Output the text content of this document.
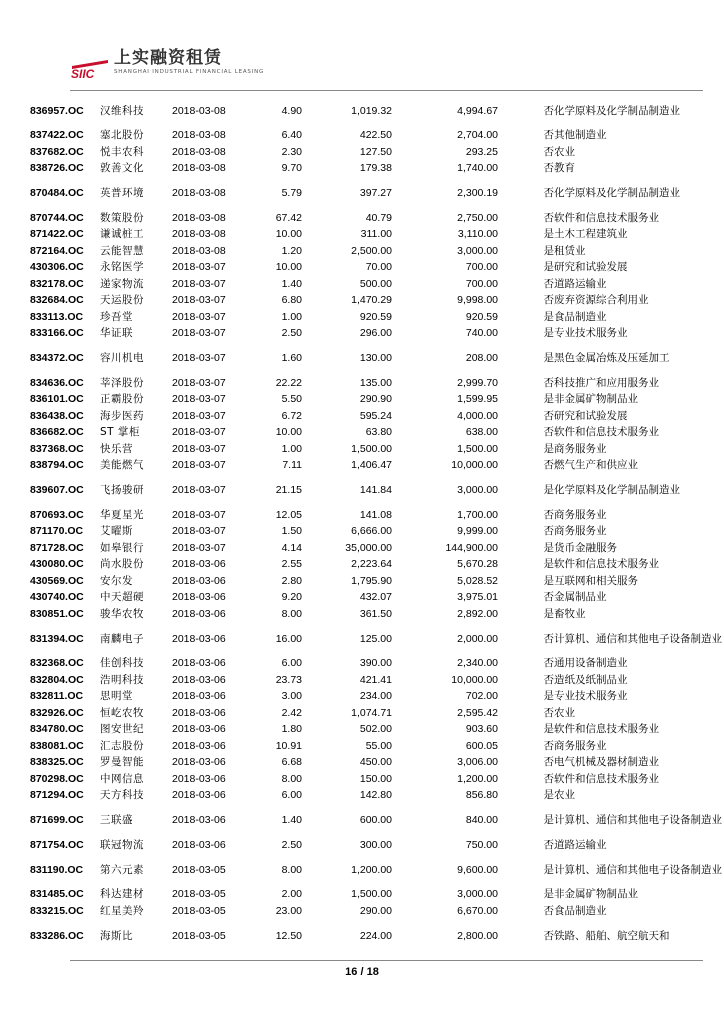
SIIC
上实融资租赁
SHANGHAI INDUSTRIAL FINANCIAL LEASING
836957.OC	汉维科技	2018-03-08	4.90	1,019.32	4,994.67	否	化学原料及化学制品制造业
837422.OC	塞北股份	2018-03-08	6.40	422.50	2,704.00	否	其他制造业
837682.OC	悦丰农科	2018-03-08	2.30	127.50	293.25	否	农业
838726.OC	敦善文化	2018-03-08	9.70	179.38	1,740.00	否	教育
870484.OC	英普环境	2018-03-08	5.79	397.27	2,300.19	否	化学原料及化学制品制造业
870744.OC	数策股份	2018-03-08	67.42	40.79	2,750.00	否	软件和信息技术服务业
871422.OC	谦诚桩工	2018-03-08	10.00	311.00	3,110.00	是	土木工程建筑业
872164.OC	云能智慧	2018-03-08	1.20	2,500.00	3,000.00	是	租赁业
430306.OC	永铭医学	2018-03-07	10.00	70.00	700.00	是	研究和试验发展
832178.OC	递家物流	2018-03-07	1.40	500.00	700.00	否	道路运输业
832684.OC	天运股份	2018-03-07	6.80	1,470.29	9,998.00	否	废弃资源综合利用业
833113.OC	珍吾堂	2018-03-07	1.00	920.59	920.59	是	食品制造业
833166.OC	华证联	2018-03-07	2.50	296.00	740.00	是	专业技术服务业
834372.OC	容川机电	2018-03-07	1.60	130.00	208.00	是	黑色金属冶炼及压延加工
834636.OC	莘泽股份	2018-03-07	22.22	135.00	2,999.70	否	科技推广和应用服务业
836101.OC	正霸股份	2018-03-07	5.50	290.90	1,599.95	是	非金属矿物制品业
836438.OC	海步医药	2018-03-07	6.72	595.24	4,000.00	否	研究和试验发展
836682.OC	ST 掌柜	2018-03-07	10.00	63.80	638.00	否	软件和信息技术服务业
837368.OC	快乐营	2018-03-07	1.00	1,500.00	1,500.00	是	商务服务业
838794.OC	美能燃气	2018-03-07	7.11	1,406.47	10,000.00	否	燃气生产和供应业
839607.OC	飞扬骏研	2018-03-07	21.15	141.84	3,000.00	是	化学原料及化学制品制造业
870693.OC	华夏星光	2018-03-07	12.05	141.08	1,700.00	否	商务服务业
871170.OC	艾曜斯	2018-03-07	1.50	6,666.00	9,999.00	否	商务服务业
871728.OC	如皋银行	2018-03-07	4.14	35,000.00	144,900.00	是	货币金融服务
430080.OC	尚水股份	2018-03-06	2.55	2,223.64	5,670.28	是	软件和信息技术服务业
430569.OC	安尔发	2018-03-06	2.80	1,795.90	5,028.52	是	互联网和相关服务
430740.OC	中天超硬	2018-03-06	9.20	432.07	3,975.01	否	金属制品业
830851.OC	骏华农牧	2018-03-06	8.00	361.50	2,892.00	是	畜牧业
831394.OC	南麟电子	2018-03-06	16.00	125.00	2,000.00	否	计算机、通信和其他电子设备制造业
832368.OC	佳创科技	2018-03-06	6.00	390.00	2,340.00	否	通用设备制造业
832804.OC	浩明科技	2018-03-06	23.73	421.41	10,000.00	否	造纸及纸制品业
832811.OC	思明堂	2018-03-06	3.00	234.00	702.00	是	专业技术服务业
832926.OC	恒屹农牧	2018-03-06	2.42	1,074.71	2,595.42	否	农业
834780.OC	图安世纪	2018-03-06	1.80	502.00	903.60	是	软件和信息技术服务业
838081.OC	汇志股份	2018-03-06	10.91	55.00	600.05	否	商务服务业
838325.OC	罗曼智能	2018-03-06	6.68	450.00	3,006.00	否	电气机械及器材制造业
870298.OC	中网信息	2018-03-06	8.00	150.00	1,200.00	否	软件和信息技术服务业
871294.OC	天方科技	2018-03-06	6.00	142.80	856.80	是	农业
871699.OC	三联盛	2018-03-06	1.40	600.00	840.00	是	计算机、通信和其他电子设备制造业
871754.OC	联冠物流	2018-03-06	2.50	300.00	750.00	否	道路运输业
831190.OC	第六元素	2018-03-05	8.00	1,200.00	9,600.00	是	计算机、通信和其他电子设备制造业
831485.OC	科达建材	2018-03-05	2.00	1,500.00	3,000.00	是	非金属矿物制品业
833215.OC	红星美羚	2018-03-05	23.00	290.00	6,670.00	否	食品制造业
833286.OC	海斯比	2018-03-05	12.50	224.00	2,800.00	否	铁路、船舶、航空航天和
16 / 18
